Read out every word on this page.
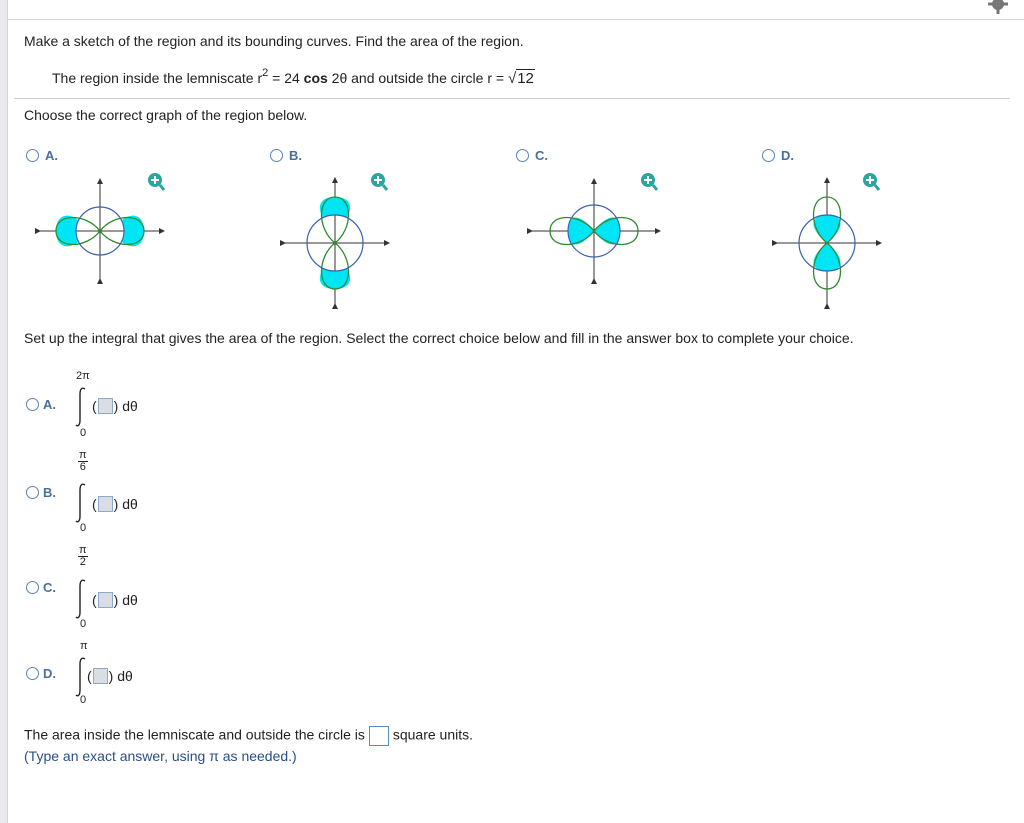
Make a sketch of the region and its bounding curves. Find the area of the region.
The region inside the lemniscate $r^2 = 24$ cos 2θ and outside the circle r = √12
Choose the correct graph of the region below.
A.	B.	C.	D.
Set up the integral that gives the area of the region. Select the correct choice below and fill in the answer box to complete your choice.
A.
2π
( ) dθ
0
B.
$\frac{\pi}{6}$
( ) dθ
0
C.
$\frac{\pi}{2}$
( ) dθ
0
D.
π
( ) dθ
0
The area inside the lemniscate and outside the circle is square units.
(Type an exact answer, using π as needed.)
